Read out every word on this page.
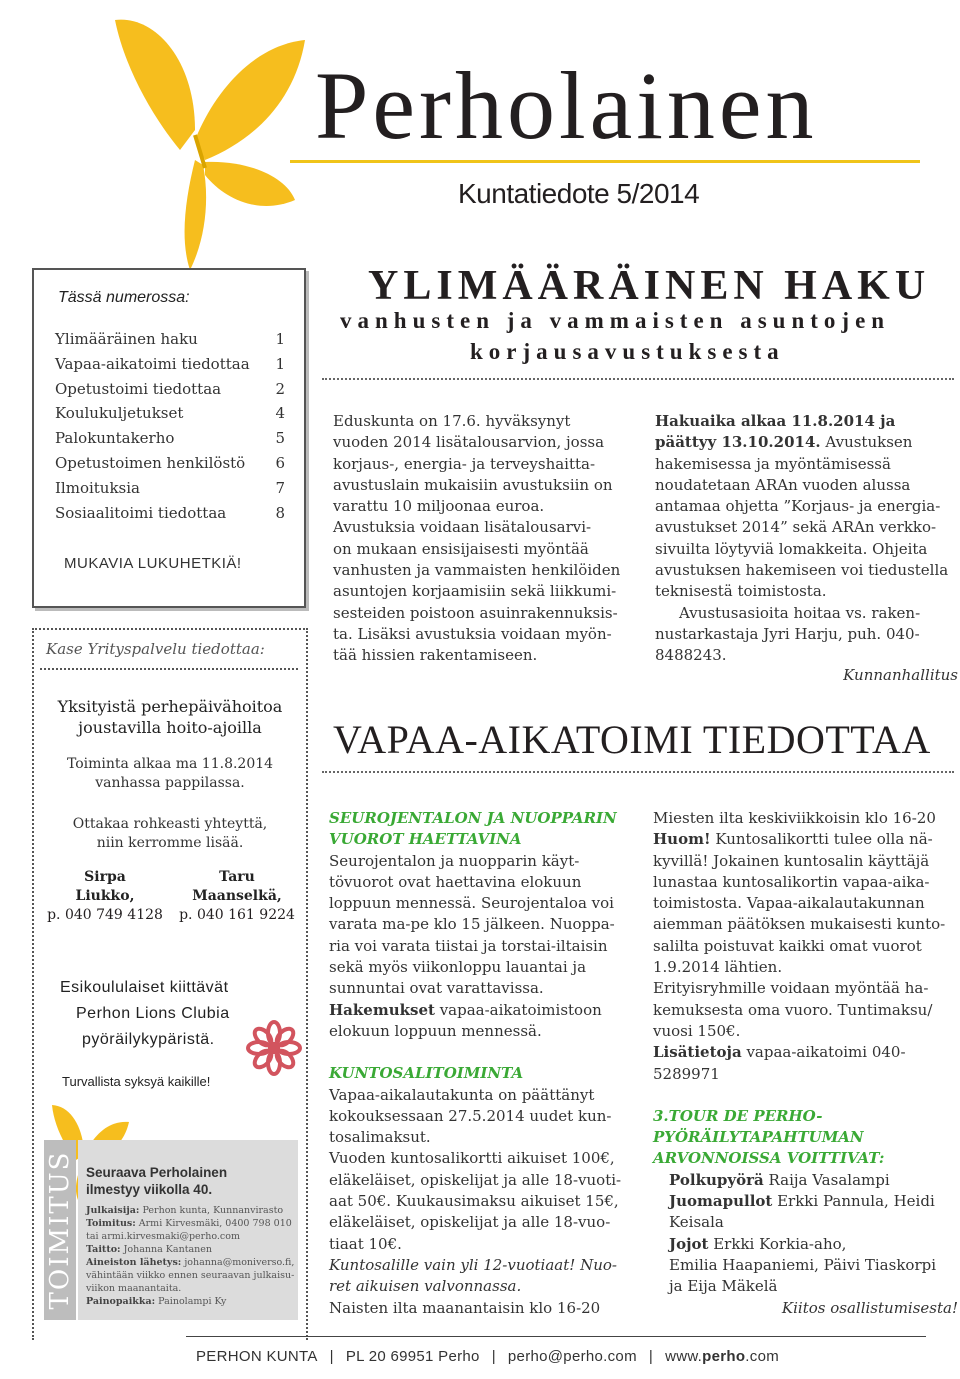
Perholainen
Kuntatiedote 5/2014
Tässä numerossa:
Ylimääräinen haku	1
Vapaa-aikatoimi tiedottaa 1
Opetustoimi tiedottaa	2
Koulukuljetukset	4
Palokuntakerho	5
Opetustoimen henkilöstö 6
Ilmoituksia	7
Sosiaalitoimi tiedottaa	8
MUKAVIA LUKUHETKIÄ!
Kase Yrityspalvelu tiedottaa:
Yksityistä perhepäivähoitoa
joustavilla hoito-ajoilla
Toiminta alkaa ma 11.8.2014
vanhassa pappilassa.
Ottakaa rohkeasti yhteyttä,
niin kerromme lisää.
Sirpa
Liukko,
p. 040 749 4128
Taru
Maanselkä,
p. 040 161 9224
Esikoululaiset kiittävät
Perhon Lions Clubia
pyöräilykypäristä.
Turvallista syksyä kaikille!
TOIMITUS Seuraava Perholainen
ilmestyy viikolla 40.
Julkaisija: Perhon kunta, Kunnanvirasto
Toimitus: Armi Kirvesmäki, 0400 798 010
tai armi.kirvesmaki@perho.com
Taitto: Johanna Kantanen
Aineiston lähetys: johanna@moniverso.fi,
vähintään viikko ennen seuraavan julkaisu-viikon maanantaita.
Painopaikka: Painolampi Ky
YLIMÄÄRÄINEN HAKU
vanhusten ja vammaisten asuntojen
korjausavustuksesta

Eduskunta on 17.6. hyväksynyt

vuoden 2014 lisätalousarvion, jossa

korjaus-, energia- ja terveyshaitta-

avustuslain mukaisiin avustuksiin on

varattu 10 miljoonaa euroa.

Avustuksia voidaan lisätalousarvi-

on mukaan ensisijaisesti myöntää

vanhusten ja vammaisten henkilöiden

asuntojen korjaamisiin sekä liikkumi-

sesteiden poistoon asuinrakennuksis-

ta. Lisäksi avustuksia voidaan myön-

tää hissien rakentamiseen.

Hakuaika alkaa 11.8.2014 ja

päättyy 13.10.2014. Avustuksen

hakemisessa ja myöntämisessä

noudatetaan ARAn vuoden alussa

antamaa ohjetta ”Korjaus- ja energia-

avustukset 2014” sekä ARAn verkko-

sivuilta löytyviä lomakkeita. Ohjeita

avustuksen hakemiseen voi tiedustella

teknisestä toimistosta.

Avustusasioita hoitaa vs. raken-

nustarkastaja Jyri Harju, puh. 040-

8488243.

Kunnanhallitus
VAPAA-AIKATOIMI TIEDOTTAA

SEUROJENTALON JA NUOPPARIN

VUOROT HAETTAVINA

Seurojentalon ja nuopparin käyt-

tövuorot ovat haettavina elokuun

loppuun mennessä. Seurojentaloa voi

varata ma-pe klo 15 jälkeen. Nuoppa-

ria voi varata tiistai ja torstai-iltaisin

sekä myös viikonloppu lauantai ja

sunnuntai ovat varattavissa.

Hakemukset vapaa-aikatoimistoon

elokuun loppuun mennessä.

KUNTOSALITOIMINTA

Vapaa-aikalautakunta on päättänyt

kokouksessaan 27.5.2014 uudet kun-

tosalimaksut.

Vuoden kuntosalikortti aikuiset 100€,

eläkeläiset, opiskelijat ja alle 18-vuoti-

aat 50€. Kuukausimaksu aikuiset 15€,

eläkeläiset, opiskelijat ja alle 18-vuo-

tiaat 10€.

Kuntosalille vain yli 12-vuotiaat! Nuo-

ret aikuisen valvonnassa.

Naisten ilta maanantaisin klo 16-20

Miesten ilta keskiviikkoisin klo 16-20

Huom! Kuntosalikortti tulee olla nä-

kyvillä! Jokainen kuntosalin käyttäjä

lunastaa kuntosalikortin vapaa-aika-

toimistosta. Vapaa-aikalautakunnan

aiemman päätöksen mukaisesti kunto-

salilta poistuvat kaikki omat vuorot

1.9.2014 lähtien.

Erityisryhmille voidaan myöntää ha-

kemuksesta oma vuoro. Tuntimaksu/

vuosi 150€.

Lisätietoja vapaa-aikatoimi 040-

5289971

3.TOUR DE PERHO-

PYÖRÄILYTAPAHTUMAN

ARVONNOISSA VOITTIVAT:

Polkupyörä Raija Vasalampi

Juomapullot Erkki Pannula, Heidi

Keisala

Jojot Erkki Korkia-aho,

Emilia Haapaniemi, Päivi Tiaskorpi

ja Eija Mäkelä

Kiitos osallistumisesta!

PERHON KUNTA | PL 20 69951 Perho | perho@perho.com | www.perho.com
